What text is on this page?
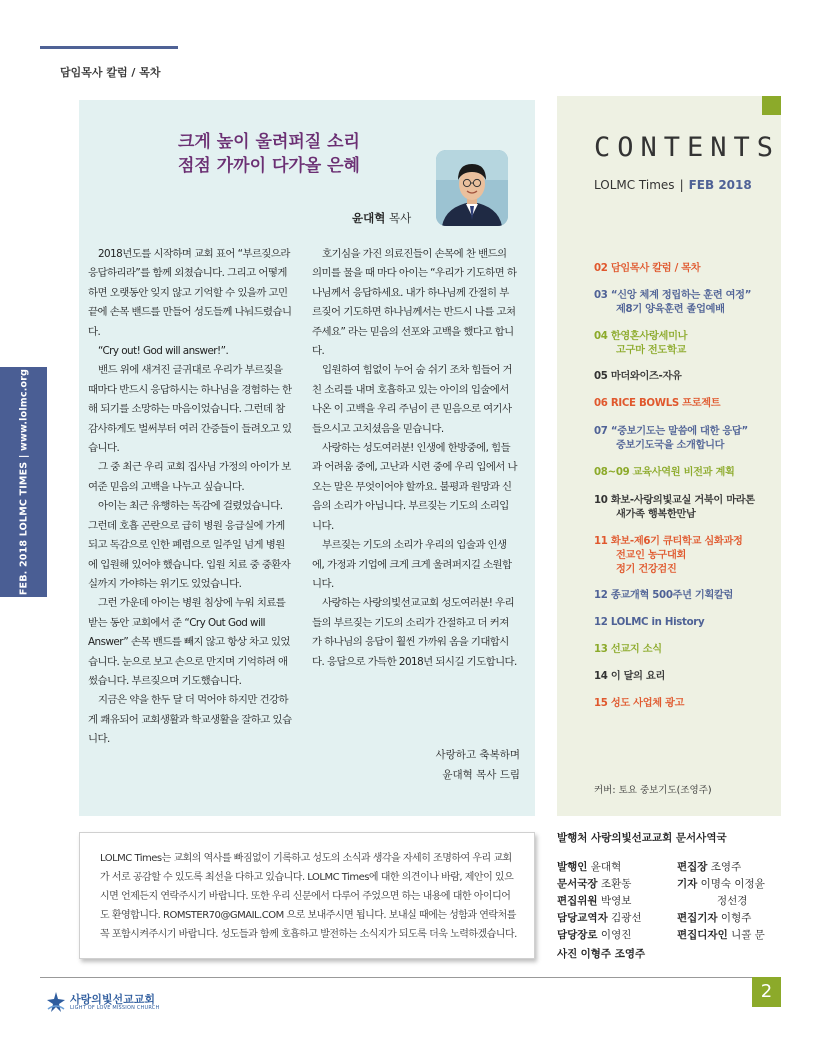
담임목사 칼럼 / 목차
FEB. 2018 LOLMC TIMES | www.lolmc.org
크게 높이 울려퍼질 소리
점점 가까이 다가올 은혜
윤대혁 목사

2018년도를 시작하며 교회 표어 “부르짖으라 응답하리라”를 함께 외쳤습니다. 그리고 어떻게 하면 오랫동안 잊지 않고 기억할 수 있을까 고민 끝에 손목 밴드를 만들어 성도들께 나눠드렸습니다.

“Cry out! God will answer!”.

밴드 위에 새겨진 글귀대로 우리가 부르짖을 때마다 반드시 응답하시는 하나님을 경험하는 한 해 되기를 소망하는 마음이었습니다. 그런데 참 감사하게도 벌써부터 여러 간증들이 들려오고 있습니다.

그 중 최근 우리 교회 집사님 가정의 아이가 보여준 믿음의 고백을 나누고 싶습니다.

아이는 최근 유행하는 독감에 걸렸었습니다. 그런데 호흡 곤란으로 급히 병원 응급실에 가게 되고 독감으로 인한 폐렴으로 일주일 넘게 병원에 입원해 있어야 했습니다. 입원 치료 중 중환자실까지 가야하는 위기도 있었습니다.

그런 가운데 아이는 병원 침상에 누워 치료를 받는 동안 교회에서 준 “Cry Out God will Answer” 손목 밴드를 빼지 않고 항상 차고 있었습니다. 눈으로 보고 손으로 만지며 기억하려 애썼습니다. 부르짖으며 기도했습니다.

지금은 약을 한두 달 더 먹어야 하지만 건강하게 쾌유되어 교회생활과 학교생활을 잘하고 있습니다.

호기심을 가진 의료진들이 손목에 찬 밴드의 의미를 물을 때 마다 아이는 “우리가 기도하면 하나님께서 응답하세요. 내가 하나님께 간절히 부르짖어 기도하면 하나님께서는 반드시 나를 고쳐주세요” 라는 믿음의 선포와 고백을 했다고 합니다.

입원하여 힘없이 누어 숨 쉬기 조차 힘들어 거친 소리를 내며 호흡하고 있는 아이의 입술에서 나온 이 고백을 우리 주님이 큰 믿음으로 여기사 들으시고 고치셨음을 믿습니다.

사랑하는 성도여러분! 인생에 한방중에, 힘들과 어려움 중에, 고난과 시련 중에 우리 입에서 나오는 말은 무엇이어야 할까요. 불평과 원망과 신음의 소리가 아닙니다. 부르짖는 기도의 소리입니다.

부르짖는 기도의 소리가 우리의 입술과 인생에, 가정과 기업에 크게 크게 울려퍼지길 소원합니다.

사랑하는 사랑의빛선교교회 성도여러분! 우리들의 부르짖는 기도의 소리가 간절하고 더 커져가 하나님의 응답이 훨씬 가까워 옴을 기대합시다. 응답으로 가득한 2018년 되시길 기도합니다.

사랑하고 축복하며
윤대혁 목사 드림
CONTENTS
LOLMC Times | FEB 2018
02 담임목사 칼럼 / 목차
03 “신앙 체계 정립하는 훈련 여정”
제8기 양육훈련 졸업예배
04 한영혼사랑세미나
고구마 전도학교
05 마더와이즈-자유
06 RICE BOWLS 프로젝트
07 “중보기도는 말씀에 대한 응답”
중보기도국을 소개합니다
08~09 교육사역원 비전과 계획
10 화보-사랑의빛교실 거북이 마라톤
새가족 행복한만남
11 화보-제6기 큐티학교 심화과정
전교인 농구대회
정기 건강검진
12 종교개혁 500주년 기획칼럼
12 LOLMC in History
13 선교지 소식
14 이 달의 요리
15 성도 사업체 광고
커버: 토요 중보기도(조영주)

LOLMC Times는 교회의 역사를 빠짐없이 기록하고 성도의 소식과 생각을 자세히 조명하여 우리 교회가 서로 공감할 수 있도록 최선을 다하고 있습니다. LOLMC Times에 대한 의견이나 바람, 제안이 있으시면 언제든지 연락주시기 바랍니다. 또한 우리 신문에서 다루어 주었으면 하는 내용에 대한 아이디어도 환영합니다. ROMSTER70@GMAIL.COM 으로 보내주시면 됩니다. 보내실 때에는 성함과 연락처를 꼭 포함시켜주시기 바랍니다. 성도들과 함께 호흡하고 발전하는 소식지가 되도록 더욱 노력하겠습니다.

발행처 사랑의빛선교교회 문서사역국
발행인 윤대혁
문서국장 조환동
편집위원 박영보
담당교역자 김광선
담당장로 이영진
편집장 조영주
기자 이명숙 이정윤
정선경
편집기자 이형주
편집디자인 니콜 문
사진 이형주 조영주
사랑의빛선교교회
LIGHT OF LOVE MISSION CHURCH
2
